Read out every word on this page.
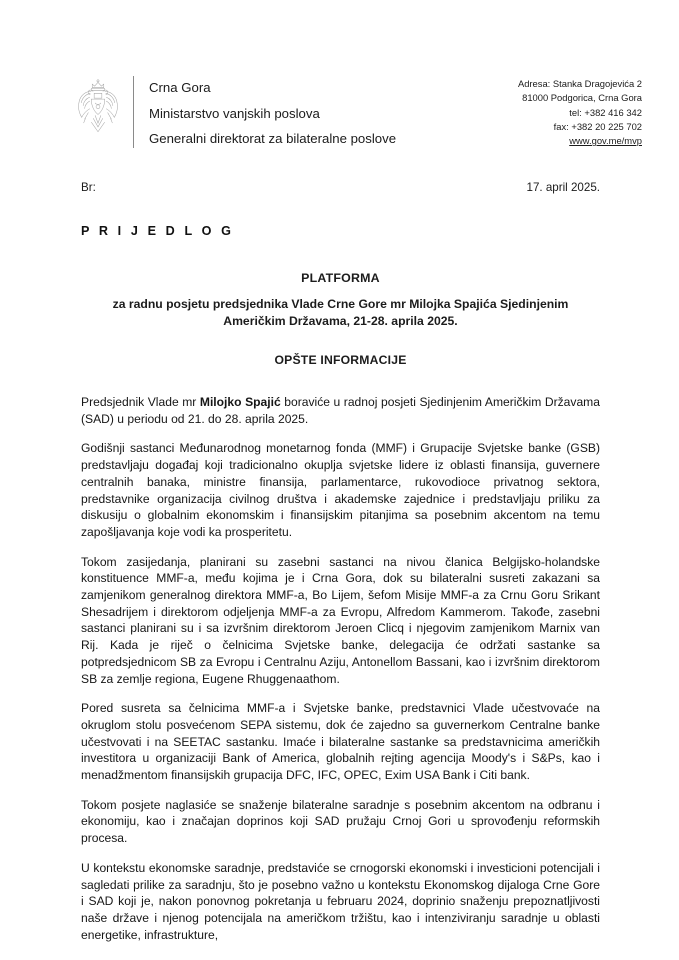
Crna Gora
Ministarstvo vanjskih poslova
Generalni direktorat za bilateralne poslove
Adresa: Stanka Dragojevića 2
81000 Podgorica, Crna Gora
tel: +382 416 342
fax: +382 20 225 702
www.gov.me/mvp
Br:	17. april 2025.
P R I J E D L O G
PLATFORMA
za radnu posjetu predsjednika Vlade Crne Gore mr Milojka Spajića Sjedinjenim Američkim Državama, 21-28. aprila 2025.
OPŠTE INFORMACIJE

Predsjednik Vlade mr Milojko Spajić boraviće u radnoj posjeti Sjedinjenim Američkim Državama (SAD) u periodu od 21. do 28. aprila 2025.

Godišnji sastanci Međunarodnog monetarnog fonda (MMF) i Grupacije Svjetske banke (GSB) predstavljaju događaj koji tradicionalno okuplja svjetske lidere iz oblasti finansija, guvernere centralnih banaka, ministre finansija, parlamentarce, rukovodioce privatnog sektora, predstavnike organizacija civilnog društva i akademske zajednice i predstavljaju priliku za diskusiju o globalnim ekonomskim i finansijskim pitanjima sa posebnim akcentom na temu zapošljavanja koje vodi ka prosperitetu.

Tokom zasijedanja, planirani su zasebni sastanci na nivou članica Belgijsko-holandske konstituence MMF-a, među kojima je i Crna Gora, dok su bilateralni susreti zakazani sa zamjenikom generalnog direktora MMF-a, Bo Lijem, šefom Misije MMF-a za Crnu Goru Srikant Shesadrijem i direktorom odjeljenja MMF-a za Evropu, Alfredom Kammerom. Takođe, zasebni sastanci planirani su i sa izvršnim direktorom Jeroen Clicq i njegovim zamjenikom Marnix van Rij. Kada je riječ o čelnicima Svjetske banke, delegacija će održati sastanke sa potpredsjednicom SB za Evropu i Centralnu Aziju, Antonellom Bassani, kao i izvršnim direktorom SB za zemlje regiona, Eugene Rhuggenaathom.

Pored susreta sa čelnicima MMF-a i Svjetske banke, predstavnici Vlade učestvovaće na okruglom stolu posvećenom SEPA sistemu, dok će zajedno sa guvernerkom Centralne banke učestvovati i na SEETAC sastanku. Imaće i bilateralne sastanke sa predstavnicima američkih investitora u organizaciji Bank of America, globalnih rejting agencija Moody's i S&Ps, kao i menadžmentom finansijskih grupacija DFC, IFC, OPEC, Exim USA Bank i Citi bank.

Tokom posjete naglasiće se snaženje bilateralne saradnje s posebnim akcentom na odbranu i ekonomiju, kao i značajan doprinos koji SAD pružaju Crnoj Gori u sprovođenju reformskih procesa.

U kontekstu ekonomske saradnje, predstaviće se crnogorski ekonomski i investicioni potencijali i sagledati prilike za saradnju, što je posebno važno u kontekstu Ekonomskog dijaloga Crne Gore i SAD koji je, nakon ponovnog pokretanja u februaru 2024, doprinio snaženju prepoznatljivosti naše države i njenog potencijala na američkom tržištu, kao i intenziviranju saradnje u oblasti energetike, infrastrukture,
